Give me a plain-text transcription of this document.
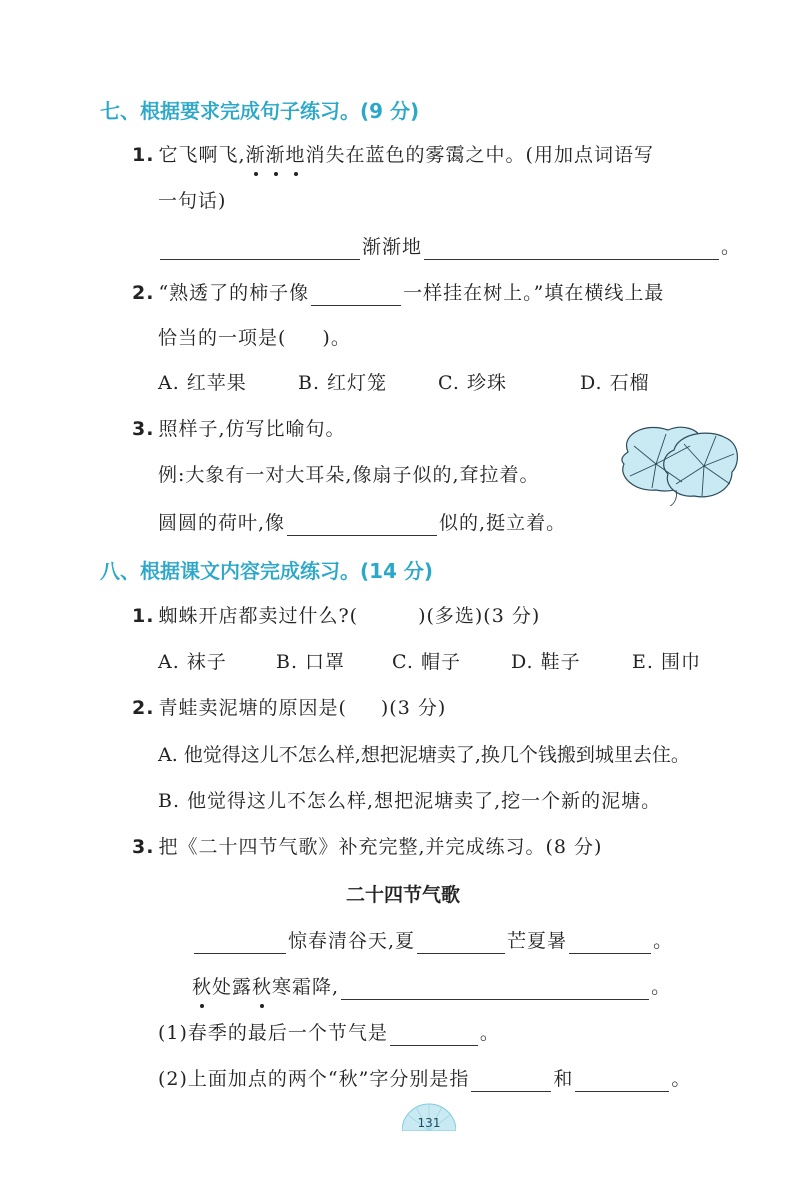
七、根据要求完成句子练习。(9 分)
1. 它飞啊飞,渐渐地消失在蓝色的雾霭之中。(用加点词语写
一句话)
渐渐地	。
2. “熟透了的柿子像	一样挂在树上。”填在横线上最
恰当的一项是( )。
A. 红苹果	B. 红灯笼	C. 珍珠	D. 石榴
3. 照样子,仿写比喻句。
例:大象有一对大耳朵,像扇子似的,耷拉着。
圆圆的荷叶,像	似的,挺立着。
八、根据课文内容完成练习。(14 分)
1. 蜘蛛开店都卖过什么?(	)(多选)(3 分)
A. 袜子	B. 口罩 C. 帽子	D. 鞋子	E. 围巾
2. 青蛙卖泥塘的原因是( )(3 分)
A. 他觉得这儿不怎么样,想把泥塘卖了,换几个钱搬到城里去住。
B. 他觉得这儿不怎么样,想把泥塘卖了,挖一个新的泥塘。
3. 把《二十四节气歌》补充完整,并完成练习。(8 分)
二十四节气歌
惊春清谷天,夏	芒夏暑	。
秋处露秋寒霜降,	。
(1)春季的最后一个节气是	。
(2)上面加点的两个“秋”字分别是指	和	。
131
